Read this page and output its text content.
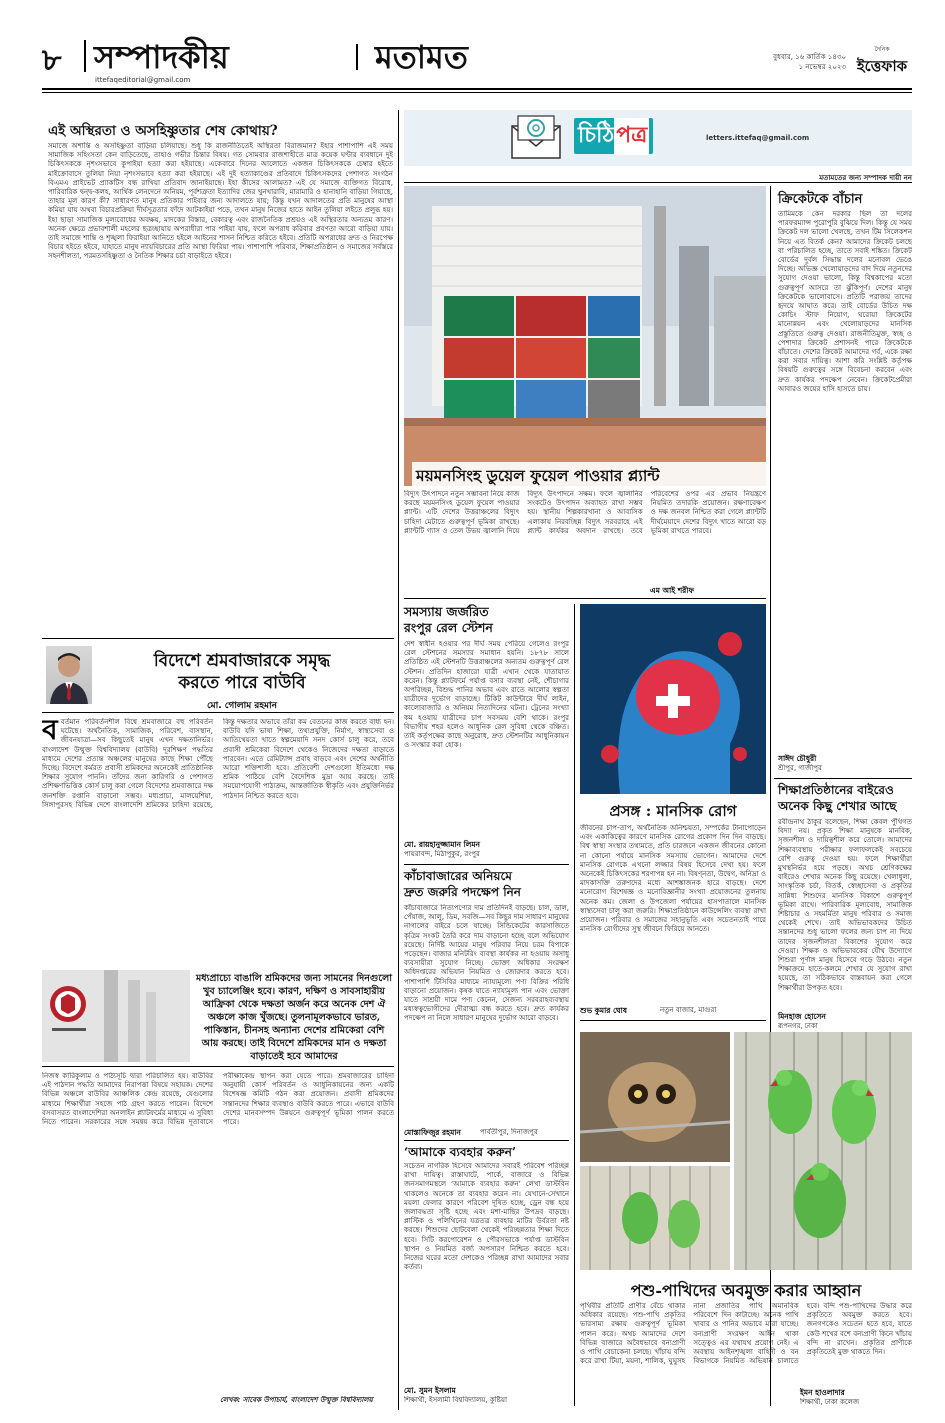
৮ সম্পাদকীয়
ittefaqeditorial@gmail.com
মতামত	বুধবার, ১৬ কার্তিক ১৪৩০
১ নভেম্বর ২০২৩
দৈনিক
ইত্তেফাক
এই অস্থিরতা ও অসহিষ্ণুতার শেষ কোথায়?
সমাজে অশান্তি ও অসহিষ্ণুতা বাড়িয়া চলিয়াছে। শুধু কি রাজনীতিতেই অস্থিরতা বিরাজমান? ইহার পাশাপাশি এই সময় সামাজিক সহিংসতা কেন বাড়িতেছে, তাহাও গভীর চিন্তার বিষয়। গত সোমবার রাজশাহীতে মাত্র কয়েক ঘণ্টার ব্যবধানে দুই চিকিৎসককে নৃশংসভাবে কুপাইয়া হত্যা করা হইয়াছে। একেবারে দিনের আলোতে একজন চিকিৎসককে চেম্বার হইতে মাইক্রোবাসে তুলিয়া নিয়া নৃশংসভাবে হত্যা করা হইয়াছে। এই দুই হত্যাকাণ্ডের প্রতিবাদে চিকিৎসকদের পেশাগত সংগঠন বিএমএ প্রাইভেট প্র্যাকটিস বন্ধ রাখিয়া প্রতিবাদ জানাইয়াছে। ইহা কীসের আলামত? এই যে সমাজে ব্যক্তিগত বিরোধ, পারিবারিক দ্বন্দ্ব-কলহ, আর্থিক লেনদেনে অনিয়ম, পূর্বশত্রুতা ইত্যাদির জের খুনখারাবি, মারামারি ও হানাহানি বাড়িয়া গিয়াছে, তাহার মূল কারণ কী? সাধারণত মানুষ প্রতিকার পাইবার জন্য আদালতে যায়; কিন্তু যখন আদালতের প্রতি মানুষের আস্থা কমিয়া যায় অথবা বিচারপ্রক্রিয়া দীর্ঘসূত্রতার ফাঁদে আটকাইয়া পড়ে, তখন মানুষ নিজের হাতে আইন তুলিয়া লইতে প্রলুব্ধ হয়। ইহা ছাড়া সামাজিক মূল্যবোধের অবক্ষয়, মাদকের বিস্তার, বেকারত্ব এবং রাজনৈতিক প্রশ্রয়ও এই অস্থিরতার অন্যতম কারণ। অনেক ক্ষেত্রে প্রভাবশালী মহলের ছত্রচ্ছায়ায় অপরাধীরা পার পাইয়া যায়, ফলে অপরাধ করিবার প্রবণতা আরো বাড়িয়া যায়। তাই সমাজে শান্তি ও শৃঙ্খলা ফিরাইয়া আনিতে হইলে আইনের শাসন নিশ্চিত করিতে হইবে। প্রতিটি অপরাধের দ্রুত ও নিরপেক্ষ বিচার হইতে হইবে, যাহাতে মানুষ ন্যায়বিচারের প্রতি আস্থা ফিরিয়া পায়। পাশাপাশি পরিবার, শিক্ষাপ্রতিষ্ঠান ও সমাজের সর্বস্তরে সহনশীলতা, পরমতসহিষ্ণুতা ও নৈতিক শিক্ষার চর্চা বাড়াইতে হইবে।
বিদেশে শ্রমবাজারকে সমৃদ্ধ
করতে পারে বাউবি
মো. গোলাম রহমান
ববর্তমান পরিবর্তনশীল বিশ্বে শ্রমবাজারে বহু পরিবর্তন ঘটেছে। অর্থনৈতিক, সামাজিক, পরিবেশ, বাসস্থান, জীবনযাত্রা—সব কিছুতেই মানুষ এখন দক্ষতানির্ভর। বাংলাদেশ উন্মুক্ত বিশ্ববিদ্যালয় (বাউবি) দূরশিক্ষণ পদ্ধতির মাধ্যমে দেশের প্রত্যন্ত অঞ্চলের মানুষের কাছে শিক্ষা পৌঁছে দিচ্ছে। বিদেশে কর্মরত প্রবাসী শ্রমিকদের অনেকেই প্রাতিষ্ঠানিক শিক্ষার সুযোগ পাননি। তাঁদের জন্য কারিগরি ও পেশাগত প্রশিক্ষণভিত্তিক কোর্স চালু করা গেলে বিদেশের শ্রমবাজারে দক্ষ জনশক্তি রপ্তানি বাড়ানো সম্ভব। মধ্যপ্রাচ্য, মালয়েশিয়া, সিঙ্গাপুরসহ বিভিন্ন দেশে বাংলাদেশি শ্রমিকের চাহিদা রয়েছে, কিন্তু দক্ষতার অভাবে তাঁরা কম বেতনের কাজ করতে বাধ্য হন। বাউবি যদি ভাষা শিক্ষা, তথ্যপ্রযুক্তি, নির্মাণ, স্বাস্থ্যসেবা ও আতিথেয়তা খাতে স্বল্পমেয়াদি সনদ কোর্স চালু করে, তবে প্রবাসী শ্রমিকেরা বিদেশে থেকেও নিজেদের দক্ষতা বাড়াতে পারবেন। এতে রেমিট্যান্স প্রবাহ বাড়বে এবং দেশের অর্থনীতি আরো শক্তিশালী হবে। প্রতিবেশী দেশগুলো ইতিমধ্যে দক্ষ শ্রমিক পাঠিয়ে বেশি বৈদেশিক মুদ্রা আয় করছে। তাই সময়োপযোগী পাঠ্যক্রম, আন্তর্জাতিক স্বীকৃতি এবং প্রযুক্তিনির্ভর পাঠদান নিশ্চিত করতে হবে।
মধ্যপ্রাচ্যে বাঙালি শ্রমিকদের জন্য সামনের দিনগুলো খুব চ্যালেঞ্জিং হবে। কারণ, দক্ষিণ ও সাবসাহারীয় আফ্রিকা থেকে দক্ষতা অর্জন করে অনেক দেশ ঐ অঞ্চলে কাজ খুঁজছে। তুলনামূলকভাবে ভারত, পাকিস্তান, চীনসহ অন্যান্য দেশের শ্রমিকেরা বেশি আয় করছে। তাই বিদেশে শ্রমিকদের মান ও দক্ষতা বাড়াতেই হবে আমাদের
নিজস্ব কারিকুলাম ও পাঠ্যসূচি দ্বারা পরিচালিত হয়। বাউবির এই পাঠদান পদ্ধতি আমাদের নিরাপত্তা বিষয়ে সহায়ক। দেশের বিভিন্ন অঞ্চলে বাউবির আঞ্চলিক কেন্দ্র রয়েছে, যেগুলোর মাধ্যমে শিক্ষার্থীরা সহজে পাঠ গ্রহণ করতে পারেন। বিদেশে বসবাসরত বাংলাদেশিরা অনলাইন প্ল্যাটফর্মের মাধ্যমে এ সুবিধা নিতে পারেন। সরকারের সঙ্গে সমন্বয় করে বিভিন্ন দূতাবাসে পরীক্ষাকেন্দ্র স্থাপন করা যেতে পারে। শ্রমবাজারের চাহিদা অনুযায়ী কোর্স পরিবর্তন ও আধুনিকায়নের জন্য একটি বিশেষজ্ঞ কমিটি গঠন করা প্রয়োজন। প্রবাসী শ্রমিকদের সন্তানদের শিক্ষার ব্যবস্থাও বাউবি করতে পারে। এভাবে বাউবি দেশের মানবসম্পদ উন্নয়নে গুরুত্বপূর্ণ ভূমিকা পালন করতে পারে।
লেখক: সাবেক উপাচার্য, বাংলাদেশ উন্মুক্ত বিশ্ববিদ্যালয়
চিঠি পত্র	letters.ittefaq@gmail.com
মতামতের জন্য সম্পাদক দায়ী নন
ময়মনসিংহ ডুয়েল ফুয়েল পাওয়ার প্ল্যান্ট
বিদ্যুৎ উৎপাদনে নতুন সম্ভাবনা নিয়ে কাজ করছে ময়মনসিংহ ডুয়েল ফুয়েল পাওয়ার প্ল্যান্ট। এটি দেশের উত্তরাঞ্চলের বিদ্যুৎ চাহিদা মেটাতে গুরুত্বপূর্ণ ভূমিকা রাখছে। প্ল্যান্টটি গ্যাস ও তেল উভয় জ্বালানি দিয়ে বিদ্যুৎ উৎপাদনে সক্ষম। ফলে জ্বালানির সংকটেও উৎপাদন অব্যাহত রাখা সম্ভব হয়। স্থানীয় শিল্পকারখানা ও আবাসিক এলাকায় নিরবচ্ছিন্ন বিদ্যুৎ সরবরাহে এই প্ল্যান্ট কার্যকর অবদান রাখছে। তবে পরিবেশের ওপর এর প্রভাব নিয়ন্ত্রণে নিয়মিত তদারকি প্রয়োজন। রক্ষণাবেক্ষণ ও দক্ষ জনবল নিশ্চিত করা গেলে প্ল্যান্টটি দীর্ঘমেয়াদে দেশের বিদ্যুৎ খাতে আরো বড় ভূমিকা রাখতে পারবে।
এম আই শরীফ
ক্রিকেটকে বাঁচান
তামিমকে কেন দরকার ছিল তা দলের পারফরম্যান্স পুরোপুরি বুঝিয়ে দিল। কিন্তু যে সময় ক্রিকেট দল ভালো খেলছে, তখন টিম সিলেকশন নিয়ে এত বিতর্ক কেন? আমাদের ক্রিকেট চলছে বা পরিচালিত হচ্ছে, তাতে সবাই শঙ্কিত। ক্রিকেট বোর্ডের দুর্বল সিদ্ধান্ত দলের মনোবল ভেঙে দিচ্ছে। অভিজ্ঞ খেলোয়াড়দের বাদ দিয়ে নতুনদের সুযোগ দেওয়া ভালো, কিন্তু বিশ্বকাপের মতো গুরুত্বপূর্ণ আসরে তা ঝুঁকিপূর্ণ। দেশের মানুষ ক্রিকেটকে ভালোবাসে। প্রতিটি পরাজয় তাদের হৃদয়ে আঘাত করে। তাই বোর্ডের উচিত দক্ষ কোচিং স্টাফ নিয়োগ, ঘরোয়া ক্রিকেটের মানোন্নয়ন এবং খেলোয়াড়দের মানসিক প্রস্তুতিতে গুরুত্ব দেওয়া। রাজনীতিমুক্ত, স্বচ্ছ ও পেশাদার ক্রিকেট প্রশাসনই পারে ক্রিকেটকে বাঁচাতে। দেশের ক্রিকেট আমাদের গর্ব, একে রক্ষা করা সবার দায়িত্ব। আশা করি সংশ্লিষ্ট কর্তৃপক্ষ বিষয়টি গুরুত্বের সঙ্গে বিবেচনা করবেন এবং দ্রুত কার্যকর পদক্ষেপ নেবেন। ক্রিকেটপ্রেমীরা আবারও জয়ের হাসি হাসতে চায়।
সাঈদ চৌধুরী
শ্রীপুর, গাজীপুর
শিক্ষাপ্রতিষ্ঠানের বাইরেও
অনেক কিছু শেখার আছে
রবীন্দ্রনাথ ঠাকুর বলেছেন, শিক্ষা কেবল পুঁথিগত বিদ্যা নয়। প্রকৃত শিক্ষা মানুষকে মানবিক, সৃজনশীল ও দায়িত্বশীল করে তোলে। আমাদের শিক্ষাব্যবস্থায় পরীক্ষার ফলাফলকেই সবচেয়ে বেশি গুরুত্ব দেওয়া হয়। ফলে শিক্ষার্থীরা মুখস্থনির্ভর হয়ে পড়ছে। অথচ শ্রেণিকক্ষের বাইরেও শেখার অনেক কিছু রয়েছে। খেলাধুলা, সাংস্কৃতিক চর্চা, বিতর্ক, স্বেচ্ছাসেবা ও প্রকৃতির সান্নিধ্য শিশুদের মানসিক বিকাশে গুরুত্বপূর্ণ ভূমিকা রাখে। পারিবারিক মূল্যবোধ, সামাজিক শিষ্টাচার ও সহমর্মিতা মানুষ পরিবার ও সমাজ থেকেই শেখে। তাই অভিভাবকদের উচিত সন্তানদের শুধু ভালো ফলের জন্য চাপ না দিয়ে তাদের সৃজনশীলতা বিকাশের সুযোগ করে দেওয়া। শিক্ষক ও অভিভাবকের যৌথ উদ্যোগে শিশুরা পূর্ণাঙ্গ মানুষ হিসেবে গড়ে উঠবে। নতুন শিক্ষাক্রমে হাতে-কলমে শেখার যে সুযোগ রাখা হয়েছে, তা সঠিকভাবে বাস্তবায়ন করা গেলে শিক্ষার্থীরা উপকৃত হবে।
মিনহাজ হোসেন
রূপনগর, ঢাকা
সমস্যায় জর্জরিত
রংপুর রেল স্টেশন
দেশ স্বাধীন হওয়ার পর দীর্ঘ সময় পেরিয়ে গেলেও রংপুর রেল স্টেশনের সমস্যার সমাধান হয়নি। ১৮৭৮ সালে প্রতিষ্ঠিত এই স্টেশনটি উত্তরাঞ্চলের অন্যতম গুরুত্বপূর্ণ রেল স্টেশন। প্রতিদিন হাজারো যাত্রী এখান থেকে যাতায়াত করেন। কিন্তু প্ল্যাটফর্মে পর্যাপ্ত বসার ব্যবস্থা নেই, শৌচাগার অপরিচ্ছন্ন, বিশুদ্ধ পানির অভাব এবং রাতে আলোর স্বল্পতা যাত্রীদের দুর্ভোগ বাড়াচ্ছে। টিকিট কাউন্টারে দীর্ঘ লাইন, কালোবাজারি ও অনিয়ম নিত্যদিনের ঘটনা। ট্রেনের সংখ্যা কম হওয়ায় যাত্রীদের চাপ সবসময় বেশি থাকে। রংপুর বিভাগীয় শহর হলেও আধুনিক রেল সুবিধা থেকে বঞ্চিত। তাই কর্তৃপক্ষের কাছে অনুরোধ, দ্রুত স্টেশনটির আধুনিকায়ন ও সংস্কার করা হোক।
মো. রায়হানুজ্জামান লিমন
পায়রাবন্দ, মিঠাপুকুর, রংপুর
কাঁচাবাজারের অনিয়মে
দ্রুত জরুরি পদক্ষেপ নিন
কাঁচাবাজারে নিত্যপণ্যের দাম প্রতিদিনই বাড়ছে। চাল, ডাল, পেঁয়াজ, আলু, ডিম, সবজি—সব কিছুর দাম সাধারণ মানুষের নাগালের বাইরে চলে যাচ্ছে। সিন্ডিকেটের কারসাজিতে কৃত্রিম সংকট তৈরি করে দাম বাড়ানো হচ্ছে বলে অভিযোগ রয়েছে। নির্দিষ্ট আয়ের মানুষ পরিবার নিয়ে চরম বিপাকে পড়েছেন। বাজার মনিটরিং ব্যবস্থা কার্যকর না হওয়ায় অসাধু ব্যবসায়ীরা সুযোগ নিচ্ছে। ভোক্তা অধিকার সংরক্ষণ অধিদপ্তরের অভিযান নিয়মিত ও জোরদার করতে হবে। পাশাপাশি টিসিবির মাধ্যমে ন্যায্যমূল্যে পণ্য বিক্রির পরিধি বাড়ানো প্রয়োজন। কৃষক যাতে ন্যায্যমূল্য পান এবং ভোক্তা যাতে সাশ্রয়ী দামে পণ্য কেনেন, সেজন্য সরবরাহব্যবস্থায় মধ্যস্বত্বভোগীদের দৌরাত্ম্য বন্ধ করতে হবে। দ্রুত কার্যকর পদক্ষেপ না নিলে সাধারণ মানুষের দুর্ভোগ আরো বাড়বে।
মোস্তাফিজুর রহমান	পার্বতীপুর, দিনাজপুর
‘আমাকে ব্যবহার করুন’
সচেতন নাগরিক হিসেবে আমাদের সবারই পরিবেশ পরিচ্ছন্ন রাখা দায়িত্ব। রাস্তাঘাটে, পার্কে, বাজারে ও বিভিন্ন জনসমাগমস্থলে ‘আমাকে ব্যবহার করুন’ লেখা ডাস্টবিন থাকলেও অনেকে তা ব্যবহার করেন না। যেখানে-সেখানে ময়লা ফেলার কারণে পরিবেশ দূষিত হচ্ছে, ড্রেন বন্ধ হয়ে জলাবদ্ধতা সৃষ্টি হচ্ছে এবং মশা-মাছির উপদ্রব বাড়ছে। প্লাস্টিক ও পলিথিনের যত্রতত্র ব্যবহার মাটির উর্বরতা নষ্ট করছে। শিশুদের ছোটবেলা থেকেই পরিচ্ছন্নতার শিক্ষা দিতে হবে। সিটি করপোরেশন ও পৌরসভাকে পর্যাপ্ত ডাস্টবিন স্থাপন ও নিয়মিত বর্জ্য অপসারণ নিশ্চিত করতে হবে। নিজের ঘরের মতো দেশকেও পরিচ্ছন্ন রাখা আমাদের সবার কর্তব্য।
মো. সুমন ইসলাম
শিক্ষার্থী, ইসলামী বিশ্ববিদ্যালয়, কুষ্টিয়া
প্রসঙ্গ : মানসিক রোগ
জীবনের চাপ-তাপ, অর্থনৈতিক অনিশ্চয়তা, সম্পর্কের টানাপোড়েন এবং একাকিত্বের কারণে মানসিক রোগের প্রকোপ দিন দিন বাড়ছে। বিশ্ব স্বাস্থ্য সংস্থার তথ্যমতে, প্রতি চারজনে একজন জীবনের কোনো না কোনো পর্যায়ে মানসিক সমস্যায় ভোগেন। আমাদের দেশে মানসিক রোগকে এখনো লজ্জার বিষয় হিসেবে দেখা হয়। ফলে অনেকেই চিকিৎসকের শরণাপন্ন হন না। বিষণ্নতা, উদ্বেগ, অনিদ্রা ও মাদকাসক্তি তরুণদের মধ্যে আশঙ্কাজনক হারে বাড়ছে। দেশে মনোরোগ বিশেষজ্ঞ ও মনোবিজ্ঞানীর সংখ্যা প্রয়োজনের তুলনায় অনেক কম। জেলা ও উপজেলা পর্যায়ের হাসপাতালে মানসিক স্বাস্থ্যসেবা চালু করা জরুরি। শিক্ষাপ্রতিষ্ঠানে কাউন্সেলিং ব্যবস্থা রাখা প্রয়োজন। পরিবার ও সমাজের সহানুভূতি এবং সচেতনতাই পারে মানসিক রোগীদের সুস্থ জীবনে ফিরিয়ে আনতে।
শুভ কুমার ঘোষ	নতুন বাজার, মাগুরা
পশু-পাখিদের অবমুক্ত করার আহ্বান
পৃথিবীর প্রতিটি প্রাণীর বেঁচে থাকার অধিকার রয়েছে। পশু-পাখি প্রকৃতির ভারসাম্য রক্ষায় গুরুত্বপূর্ণ ভূমিকা পালন করে। অথচ আমাদের দেশে বিভিন্ন বাজারে অবৈধভাবে বন্যপ্রাণী ও পাখি বেচাকেনা চলছে। খাঁচায় বন্দি করে রাখা টিয়া, ময়না, শালিক, ঘুঘুসহ নানা প্রজাতির পাখি অমানবিক পরিবেশে দিন কাটাচ্ছে। অনেক পাখি খাবার ও পানির অভাবে মারা যাচ্ছে। বন্যপ্রাণী সংরক্ষণ আইন থাকা সত্ত্বেও এর যথাযথ প্রয়োগ নেই। এ অবস্থায় আইনশৃঙ্খলা বাহিনী ও বন বিভাগকে নিয়মিত অভিযান চালাতে হবে। বন্দি পশু-পাখিদের উদ্ধার করে প্রকৃতিতে অবমুক্ত করতে হবে। জনগণকেও সচেতন হতে হবে, যাতে কেউ শখের বশে বন্যপ্রাণী কিনে খাঁচায় বন্দি না রাখেন। প্রকৃতির প্রাণীকে প্রকৃতিতেই মুক্ত থাকতে দিন।
ইমন হাওলাদার
শিক্ষার্থী, ঢাকা কলেজ
